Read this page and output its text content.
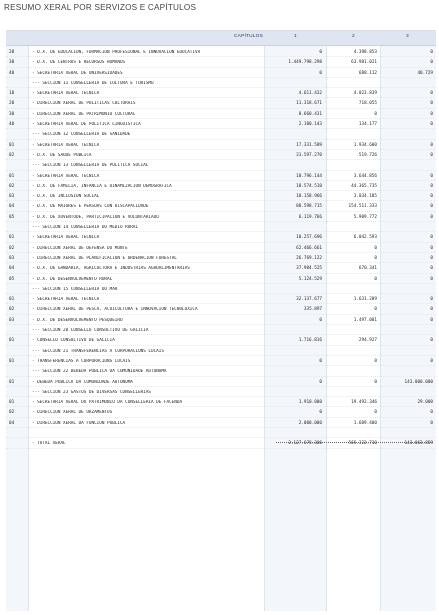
RESUMO XERAL POR SERVIZOS E CAPÍTULOS
CAPÍTULOS	1	2	3
20	- D.X. DE EDUCACIÓN, FORMACIÓN PROFESIONAL E INNOVACIÓN EDUCATIVA	0	4.398.853	0
30	- D.X. DE CENTROS E RECURSOS HUMANOS	1.449.798.298	63.981.021	0
40	- SECRETARÍA XERAL DE UNIVERSIDADES	0	688.112	40.729
--- SECCION 11 CONSELLERÍA DE CULTURA E TURISMO
10	- SECRETARÍA XERAL TÉCNICA	4.611.432	4.023.839	0
20	- DIRECCIÓN XERAL DE POLÍTICAS CULTURAIS	11.318.671	718.055	0
30	- DIRECCIÓN XERAL DE PATRIMONIO CULTURAL	8.660.431	0	0
40	- SECRETARÍA XERAL DE POLÍTICA LINGÜÍSTICA	2.180.143	134.177	0
--- SECCION 12 CONSELLERÍA DE SANIDADE
01	- SECRETARÍA XERAL TÉCNICA	17.331.589	1.934.600	0
02	- D.X. DE SAÚDE PÚBLICA	31.597.270	519.726	0
--- SECCION 13 CONSELLERÍA DE POLÍTICA SOCIAL
01	- SECRETARÍA XERAL TÉCNICA	10.796.144	3.644.856	0
02	- D.X. DE FAMILIA, INFANCIA E DINAMIZACIÓN DEMOGRÁFICA	18.574.510	44.365.735	0
03	- D.X. DE INCLUSIÓN SOCIAL	10.158.966	3.034.185	0
04	- D.X. DE MAIORES E PERSOAS CON DISCAPACIDADE	88.598.715	154.511.333	0
05	- D.X. DE XUVENTUDE, PARTICIPACIÓN E VOLUNTARIADO	6.119.766	5.909.772	0
--- SECCION 14 CONSELLERÍA DO MEDIO RURAL
01	- SECRETARÍA XERAL TÉCNICA	10.257.696	6.042.593	0
02	- DIRECCIÓN XERAL DE DEFENSA DO MONTE	62.466.661	0	0
03	- DIRECCIÓN XERAL DE PLANIFICACIÓN E ORDENACIÓN FORESTAL	26.769.122	0	0
04	- D.X. DE GANDARÍA, AGRICULTURA E INDUSTRIAS AGROALIMENTARIAS	37.984.525	670.341	0
05	- D.X. DE DESENVOLVEMENTO RURAL	5.124.529	0	0
--- SECCION 15 CONSELLERÍA DO MAR
01	- SECRETARÍA XERAL TÉCNICA	32.137.677	1.631.289	0
02	- DIRECCIÓN XERAL DE PESCA, ACUICULTURA E INNOVACIÓN TECNOLÓXICA	335.897	0	0
03	- D.X. DE DESENVOLVEMENTO PESQUEIRO	0	1.497.001	0
--- SECCION 20 CONSELLO CONSULTIVO DE GALICIA
01	- CONSELLO CONSULTIVO DE GALICIA	1.716.816	294.927	0
--- SECCION 21 TRANSFERENCIAS A CORPORACIÓNS LOCAIS
01	- TRANSFERENCIAS A CORPORACIÓNS LOCAIS	0	0	0
--- SECCION 22 DÉBEDA PÚBLICA DA COMUNIDADE AUTÓNOMA
01	- DÉBEDA PÚBLICA DA COMUNIDADE AUTÓNOMA	0	0	143.000.000
--- SECCION 23 GASTOS DE DIVERSAS CONSELLERÍAS
01	- SECRETARÍA XERAL DO PATRIMONIO DA CONSELLERÍA DE FACENDA	1.910.000	19.492.346	29.000
02	- DIRECCIÓN XERAL DE ORZAMENTOS	0	0	0
04	- DIRECCIÓN XERAL DA FUNCIÓN PÚBLICA	2.000.000	1.609.400	0
- TOTAL XERAL	2.127.678.306	565.322.710	143.063.859
